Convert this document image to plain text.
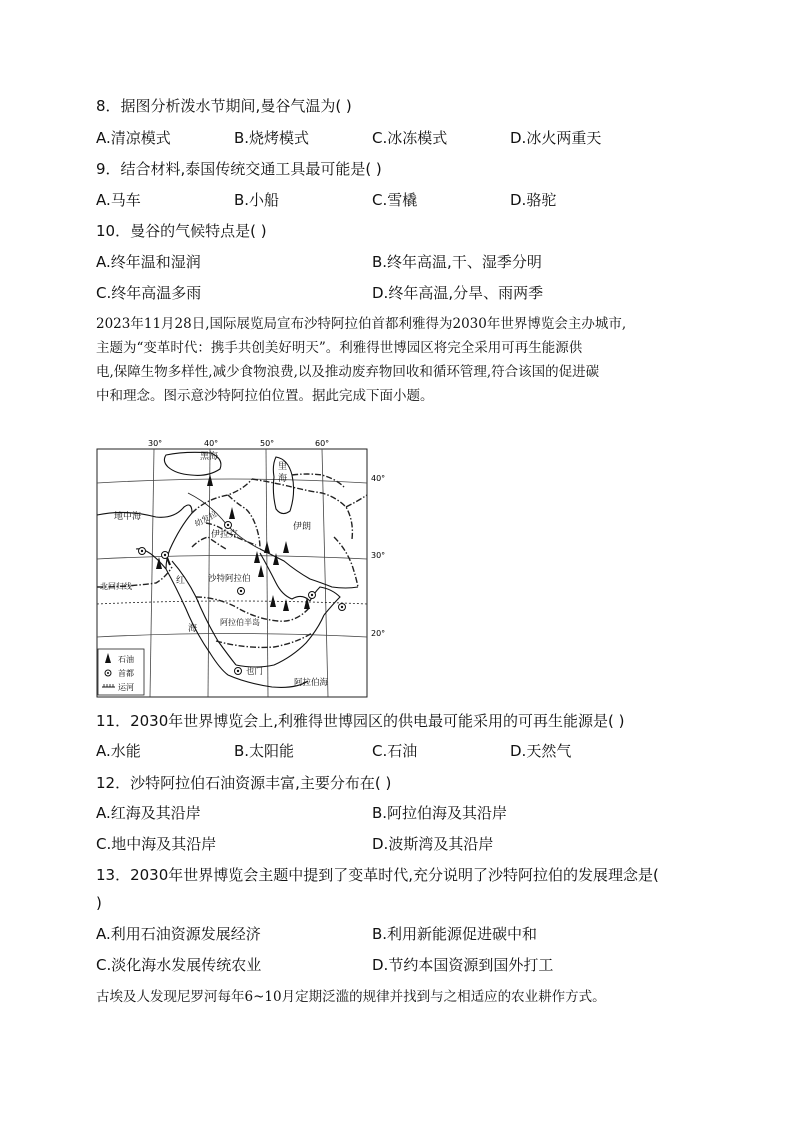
8．据图分析泼水节期间,曼谷气温为( )
A.清凉模式	B.烧烤模式	C.冰冻模式	D.冰火两重天
9．结合材料,泰国传统交通工具最可能是( )
A.马车	B.小船	C.雪橇	D.骆驼
10．曼谷的气候特点是( )
A.终年温和湿润	B.终年高温,干、湿季分明
C.终年高温多雨	D.终年高温,分旱、雨两季

2023年11月28日,国际展览局宣布沙特阿拉伯首都利雅得为2030年世界博览会主办城市,

主题为“变革时代：携手共创美好明天”。利雅得世博园区将完全采用可再生能源供

电,保障生物多样性,减少食物浪费,以及推动废弃物回收和循环管理,符合该国的促进碳

中和理念。图示意沙特阿拉伯位置。据此完成下面小题。

30°	40°	50°	60°
40°
30°
20°
黑海
里
海
地中海
伊拉克
伊朗
幼发拉
沙特阿拉伯
红
海
北回归线
阿拉伯半岛
也门
阿拉伯海
石油
首都
运河
11．2030年世界博览会上,利雅得世博园区的供电最可能采用的可再生能源是( )
A.水能	B.太阳能	C.石油	D.天然气
12．沙特阿拉伯石油资源丰富,主要分布在( )
A.红海及其沿岸	B.阿拉伯海及其沿岸
C.地中海及其沿岸	D.波斯湾及其沿岸
13．2030年世界博览会主题中提到了变革时代,充分说明了沙特阿拉伯的发展理念是(
)
A.利用石油资源发展经济	B.利用新能源促进碳中和
C.淡化海水发展传统农业	D.节约本国资源到国外打工

古埃及人发现尼罗河每年6~10月定期泛滥的规律并找到与之相适应的农业耕作方式。
